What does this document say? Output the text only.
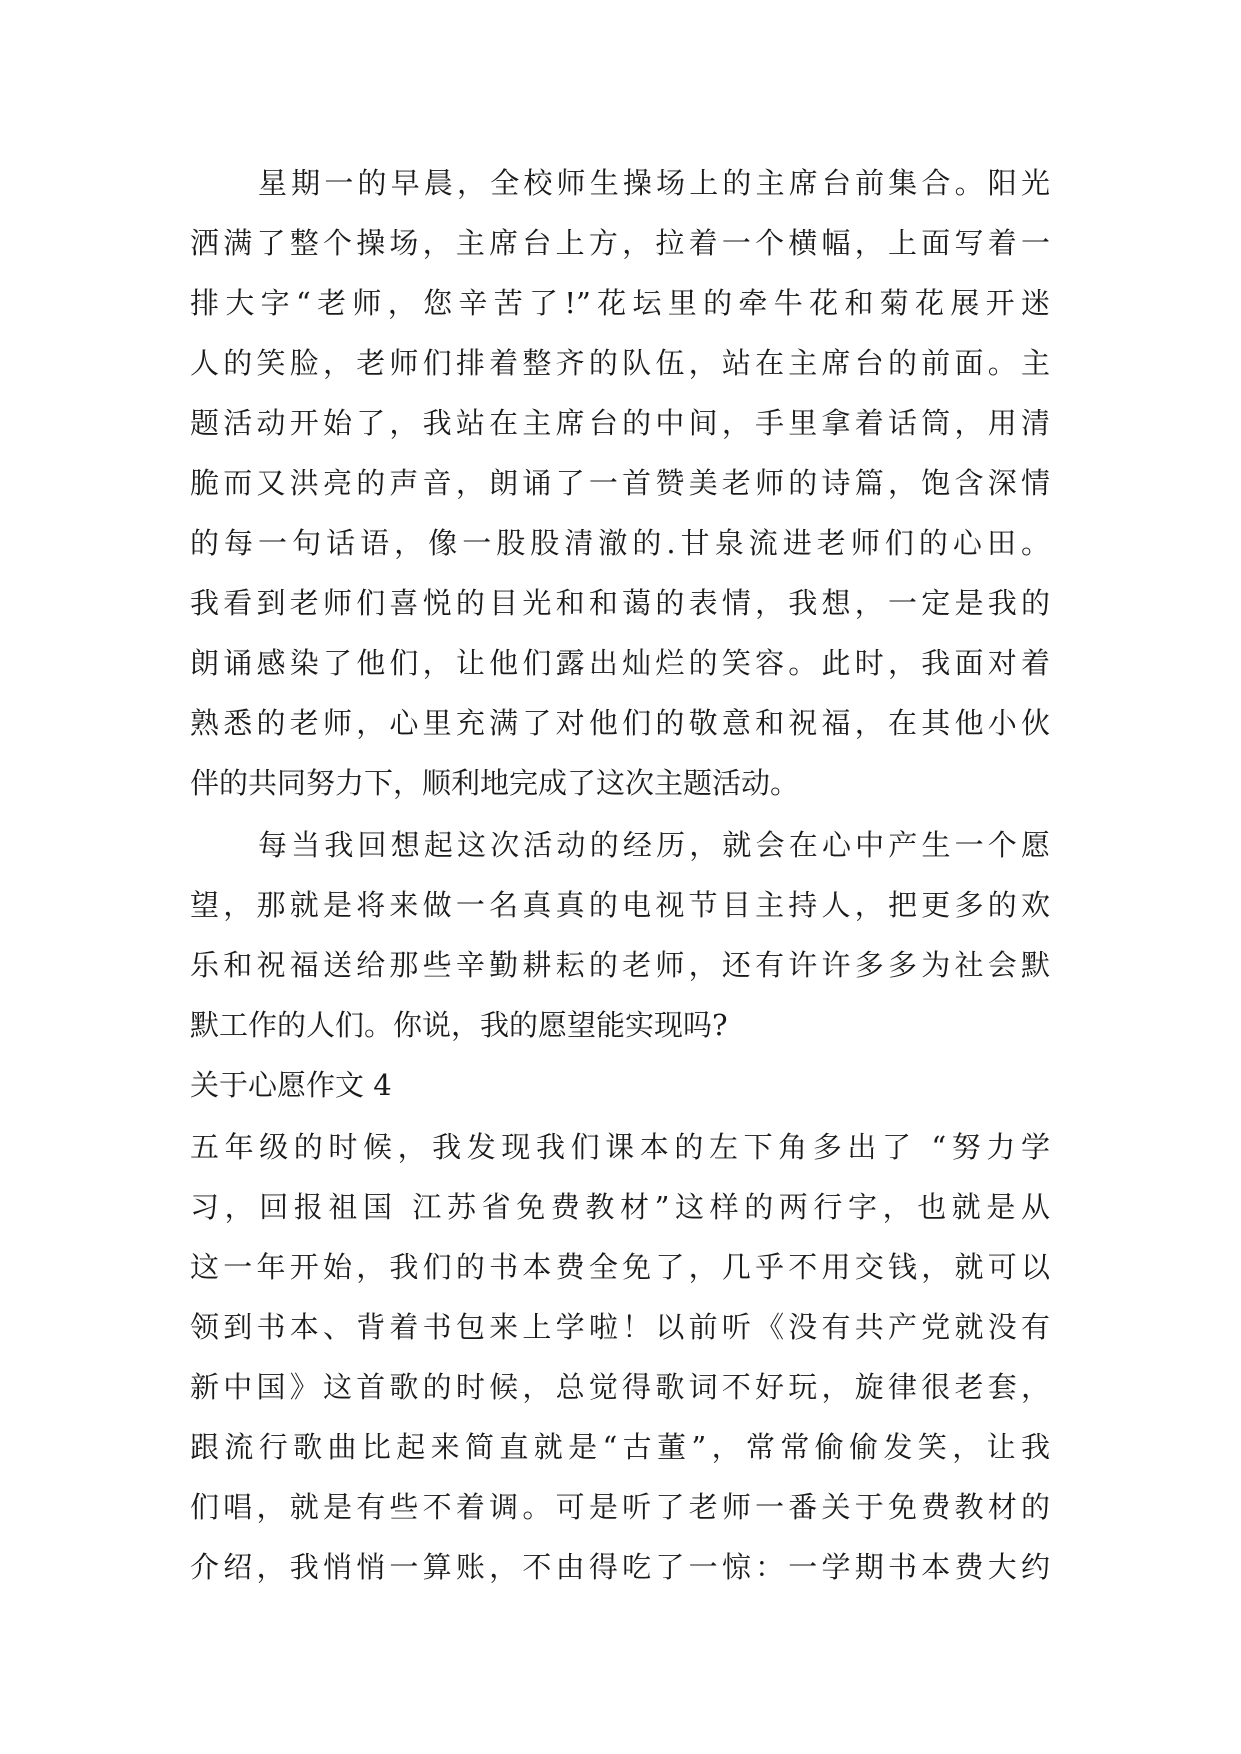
星期一的早晨，全校师生操场上的主席台前集合。阳光
洒满了整个操场，主席台上方，拉着一个横幅，上面写着一
排大字“老师，您辛苦了!”花坛里的牵牛花和菊花展开迷
人的笑脸，老师们排着整齐的队伍，站在主席台的前面。主
题活动开始了，我站在主席台的中间，手里拿着话筒，用清
脆而又洪亮的声音，朗诵了一首赞美老师的诗篇，饱含深情
的每一句话语，像一股股清澈的.甘泉流进老师们的心田。
我看到老师们喜悦的目光和和蔼的表情，我想，一定是我的
朗诵感染了他们，让他们露出灿烂的笑容。此时，我面对着
熟悉的老师，心里充满了对他们的敬意和祝福，在其他小伙
伴的共同努力下，顺利地完成了这次主题活动。
每当我回想起这次活动的经历，就会在心中产生一个愿
望，那就是将来做一名真真的电视节目主持人，把更多的欢
乐和祝福送给那些辛勤耕耘的老师，还有许许多多为社会默
默工作的人们。你说，我的愿望能实现吗?
关于心愿作文 4
五年级的时候，我发现我们课本的左下角多出了 “努力学
习，回报祖国 江苏省免费教材”这样的两行字，也就是从
这一年开始，我们的书本费全免了，几乎不用交钱，就可以
领到书本、背着书包来上学啦！以前听《没有共产党就没有
新中国》这首歌的时候，总觉得歌词不好玩，旋律很老套，
跟流行歌曲比起来简直就是“古董”，常常偷偷发笑，让我
们唱，就是有些不着调。可是听了老师一番关于免费教材的
介绍，我悄悄一算账，不由得吃了一惊：一学期书本费大约
